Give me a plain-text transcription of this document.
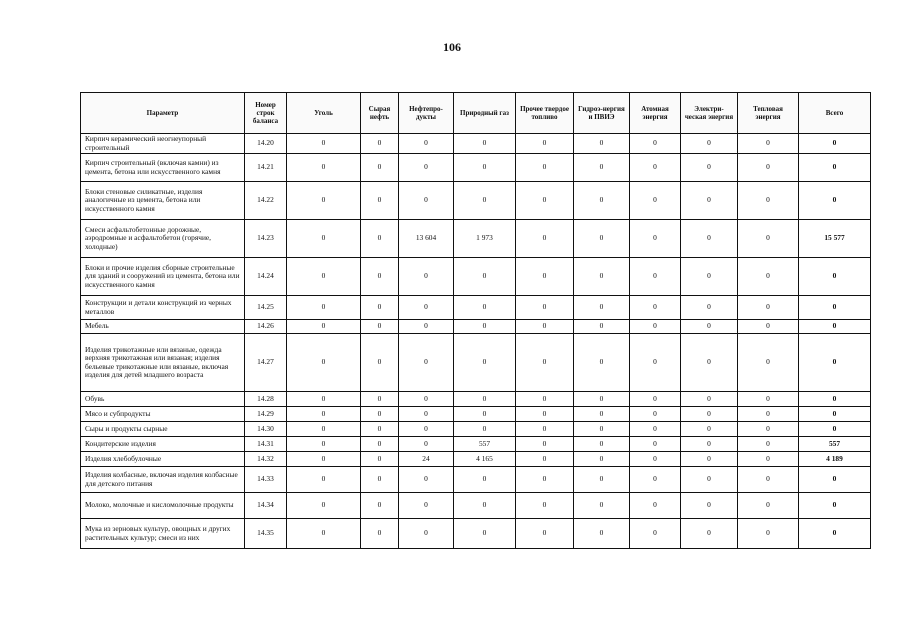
106
Параметр	Номер строк баланса	Уголь	Сырая нефть	Нефтепро-дукты	Природный газ	Прочее твердое топливо	Гидроэ-нергия и ПВИЭ	Атомная энергия	Электри-ческая энергия	Тепловая энергия	Всего
Кирпич керамический неогнеупорный строительный	14.20	0	0	0	0	0	0	0	0	0	0
Кирпич строительный (включая камни) из цемента, бетона или искусственного камня	14.21	0	0	0	0	0	0	0	0	0	0
Блоки стеновые силикатные, изделия аналогичные из цемента, бетона или искусственного камня	14.22	0	0	0	0	0	0	0	0	0	0
Смеси асфальтобетонные дорожные, аэродромные и асфальтобетон (горячие, холодные)	14.23	0	0	13 604	1 973	0	0	0	0	0	15 577
Блоки и прочие изделия сборные строительные для зданий и сооружений из цемента, бетона или искусственного камня	14.24	0	0	0	0	0	0	0	0	0	0
Конструкции и детали конструкций из черных металлов	14.25	0	0	0	0	0	0	0	0	0	0
Мебель	14.26	0	0	0	0	0	0	0	0	0	0
Изделия трикотажные или вязаные, одежда верхняя трикотажная или вязаная; изделия бельевые трикотажные или вязаные, включая изделия для детей младшего возраста	14.27	0	0	0	0	0	0	0	0	0	0
Обувь	14.28	0	0	0	0	0	0	0	0	0	0
Мясо и субпродукты	14.29	0	0	0	0	0	0	0	0	0	0
Сыры и продукты сырные	14.30	0	0	0	0	0	0	0	0	0	0
Кондитерские изделия	14.31	0	0	0	557	0	0	0	0	0	557
Изделия хлебобулочные	14.32	0	0	24	4 165	0	0	0	0	0	4 189
Изделия колбасные, включая изделия колбасные для детского питания	14.33	0	0	0	0	0	0	0	0	0	0
Молоко, молочные и кисломолочные продукты	14.34	0	0	0	0	0	0	0	0	0	0
Мука из зерновых культур, овощных и других растительных культур; смеси из них	14.35	0	0	0	0	0	0	0	0	0	0
